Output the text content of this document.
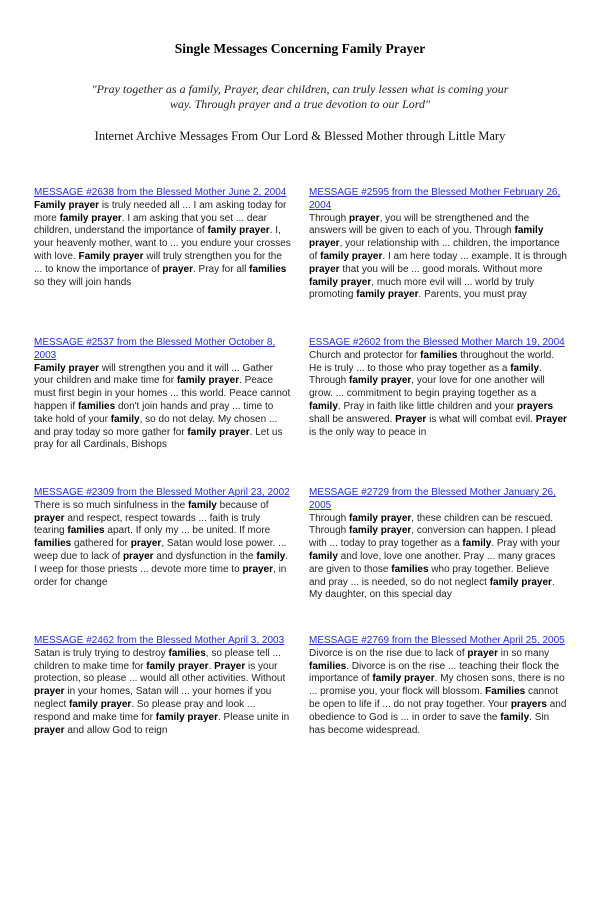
Single Messages Concerning Family Prayer
"Pray together as a family, Prayer, dear children, can truly lessen what is coming your way. Through prayer and a true devotion to our Lord"
Internet Archive Messages From Our Lord & Blessed Mother through Little Mary
MESSAGE #2638 from the Blessed Mother June 2, 2004
Family prayer is truly needed all ... I am asking today for more family prayer. I am asking that you set ... dear children, understand the importance of family prayer. I, your heavenly mother, want to ... you endure your crosses with love. Family prayer will truly strengthen you for the ... to know the importance of prayer. Pray for all families so they will join hands
MESSAGE #2595 from the Blessed Mother February 26, 2004
Through prayer, you will be strengthened and the answers will be given to each of you. Through family prayer, your relationship with ... children, the importance of family prayer. I am here today ... example. It is through prayer that you will be ... good morals. Without more family prayer, much more evil will ... world by truly promoting family prayer. Parents, you must pray
MESSAGE #2537 from the Blessed Mother October 8, 2003
Family prayer will strengthen you and it will ... Gather your children and make time for family prayer. Peace must first begin in your homes ... this world. Peace cannot happen if families don't join hands and pray ... time to take hold of your family, so do not delay. My chosen ... and pray today so more gather for family prayer. Let us pray for all Cardinals, Bishops
ESSAGE #2602 from the Blessed Mother March 19, 2004
Church and protector for families throughout the world. He is truly ... to those who pray together as a family. Through family prayer, your love for one another will grow. ... commitment to begin praying together as a family. Pray in faith like little children and your prayers shall be answered. Prayer is what will combat evil. Prayer is the only way to peace in
MESSAGE #2309 from the Blessed Mother April 23, 2002
There is so much sinfulness in the family because of prayer and respect, respect towards ... faith is truly tearing families apart. If only my ... be united. If more families gathered for prayer, Satan would lose power. ... weep due to lack of prayer and dysfunction in the family. I weep for those priests ... devote more time to prayer, in order for change
MESSAGE #2729 from the Blessed Mother January 26, 2005
Through family prayer, these children can be rescued. Through family prayer, conversion can happen. I plead with ... today to pray together as a family. Pray with your family and love, love one another. Pray ... many graces are given to those families who pray together. Believe and pray ... is needed, so do not neglect family prayer. My daughter, on this special day
MESSAGE #2462 from the Blessed Mother April 3, 2003
Satan is truly trying to destroy families, so please tell ... children to make time for family prayer. Prayer is your protection, so please ... would all other activities. Without prayer in your homes, Satan will ... your homes if you neglect family prayer. So please pray and look ... respond and make time for family prayer. Please unite in prayer and allow God to reign
MESSAGE #2769 from the Blessed Mother April 25, 2005
Divorce is on the rise due to lack of prayer in so many families. Divorce is on the rise ... teaching their flock the importance of family prayer. My chosen sons, there is no ... promise you, your flock will blossom. Families cannot be open to life if ... do not pray together. Your prayers and obedience to God is ... in order to save the family. Sin has become widespread.
